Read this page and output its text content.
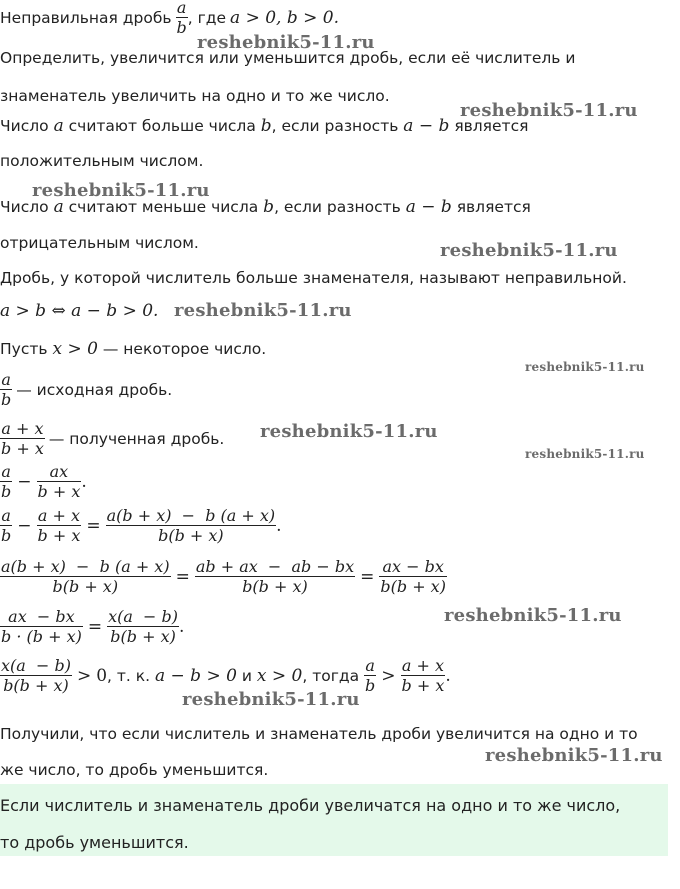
Неправильная дробь $\frac{a}{b}$ , где a > 0, b > 0.
Определить, увеличится или уменьшится дробь, если её числитель и
знаменатель увеличить на одно и то же число.
Число a считают больше числа b, если разность a − b является
положительным числом.
Число a считают меньше числа b, если разность a − b является
отрицательным числом.
Дробь, у которой числитель больше знаменателя, называют неправильной.
a > b ⇔ a − b > 0.
Пусть x > 0 — некоторое число.
$\frac{a}{b}$ — исходная дробь.
$\frac{a + x}{b + x}$ — полученная дробь.
$\frac{a}{b} - \frac{ax}{b + x}$ .
$\frac{a}{b} - \frac{a + x}{b + x} = \frac{a(b + x) - b (a + x)}{b(b + x)}$ .
$\frac{a(b + x) - b (a + x)}{b(b + x)} = \frac{ab + ax - ab - bx}{b(b + x)} = \frac{ax - bx}{b(b + x)}$
$\frac{ax - bx}{b \cdot (b + x)} = \frac{x(a - b)}{b(b + x)}$ .
$\frac{x(a - b)}{b(b + x)} > 0$ , т. к.
a − b > 0
и
x > 0 , тогда
$\frac{a}{b} > \frac{a + x}{b + x}$ .
Получили, что если числитель и знаменатель дроби увеличится на одно и то
же число, то дробь уменьшится.
Если числитель и знаменатель дроби увеличатся на одно и то же число,
то дробь уменьшится.
reshebnik5-11.ru
reshebnik5-11.ru
reshebnik5-11.ru
reshebnik5-11.ru
reshebnik5-11.ru
reshebnik5-11.ru
reshebnik5-11.ru
reshebnik5-11.ru
reshebnik5-11.ru
reshebnik5-11.ru
reshebnik5-11.ru
